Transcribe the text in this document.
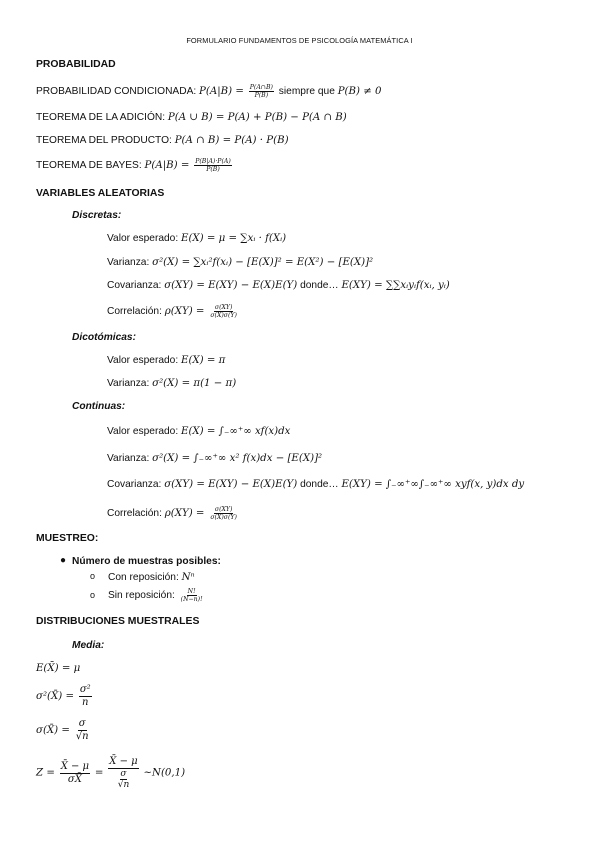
FORMULARIO FUNDAMENTOS DE PSICOLOGÍA MATEMÁTICA I
PROBABILIDAD
PROBABILIDAD CONDICIONADA: $P(A|B) = \frac{P(A\cap B)}{P(B)}$ siempre que P(B) ≠ 0
TEOREMA DE LA ADICIÓN: P(A ∪ B) = P(A) + P(B) − P(A ∩ B)
TEOREMA DEL PRODUCTO: P(A ∩ B) = P(A) · P(B)
TEOREMA DE BAYES: $P(A|B) = \frac{P(B|A)\cdot P(A)}{P(B)}$
VARIABLES ALEATORIAS
Discretas:
Valor esperado: E(X) = μ = ∑xᵢ · f(Xᵢ)
Varianza: σ²(X) = ∑xᵢ²f(xᵢ) − [E(X)]² = E(X²) − [E(X)]²
Covarianza: σ(XY) = E(XY) − E(X)E(Y) donde… E(XY) = ∑∑xᵢyᵢf(xᵢ, yᵢ)
Correlación: $\rho(XY) = \frac{\sigma(XY)}{\sigma(X)\sigma(Y)}$
Dicotómicas:
Valor esperado: E(X) = π
Varianza: σ²(X) = π(1 − π)
Continuas:
Valor esperado: E(X) = ∫₋∞⁺∞ xf(x)dx
Varianza: σ²(X) = ∫₋∞⁺∞ x² f(x)dx − [E(X)]²
Covarianza: σ(XY) = E(XY) − E(X)E(Y) donde… E(XY) = ∫₋∞⁺∞∫₋∞⁺∞ xyf(x, y)dx dy
Correlación: $\rho(XY) = \frac{\sigma(XY)}{\sigma(X)\sigma(Y)}$
MUESTREO:
● Número de muestras posibles:
o Con reposición: Nⁿ
o Sin reposición: $\frac{N!}{(N-n)!}$
DISTRIBUCIONES MUESTRALES
Media:
E(X̄) = μ
σ²(X̄) = $\frac{\text{σ²}}{n}$
σ(X̄) = $\frac{\sigma}{√n}$
$Z = \frac{X̄ - \mu}{\sigma X̄} = \frac{X̄ - \mu}{\frac{\sigma}{√n}}$ ~N(0,1)
